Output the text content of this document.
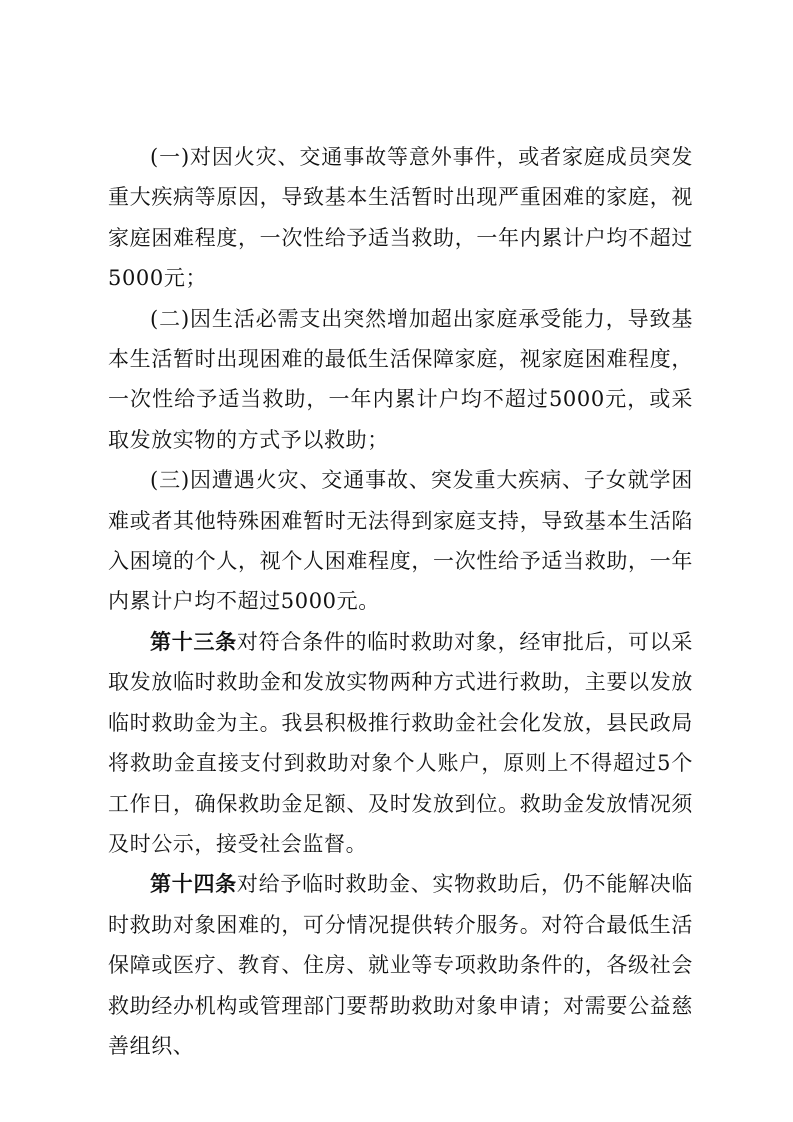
(一)对因火灾、交通事故等意外事件，或者家庭成员突发重大疾病等原因，导致基本生活暂时出现严重困难的家庭，视家庭困难程度，一次性给予适当救助，一年内累计户均不超过5000元；

(二)因生活必需支出突然增加超出家庭承受能力，导致基本生活暂时出现困难的最低生活保障家庭，视家庭困难程度，一次性给予适当救助，一年内累计户均不超过5000元，或采取发放实物的方式予以救助；

(三)因遭遇火灾、交通事故、突发重大疾病、子女就学困难或者其他特殊困难暂时无法得到家庭支持，导致基本生活陷入困境的个人，视个人困难程度，一次性给予适当救助，一年内累计户均不超过5000元。

第十三条对符合条件的临时救助对象，经审批后，可以采取发放临时救助金和发放实物两种方式进行救助，主要以发放临时救助金为主。我县积极推行救助金社会化发放，县民政局将救助金直接支付到救助对象个人账户，原则上不得超过5个工作日，确保救助金足额、及时发放到位。救助金发放情况须及时公示，接受社会监督。

第十四条对给予临时救助金、实物救助后，仍不能解决临时救助对象困难的，可分情况提供转介服务。对符合最低生活保障或医疗、教育、住房、就业等专项救助条件的，各级社会救助经办机构或管理部门要帮助救助对象申请；对需要公益慈善组织、
